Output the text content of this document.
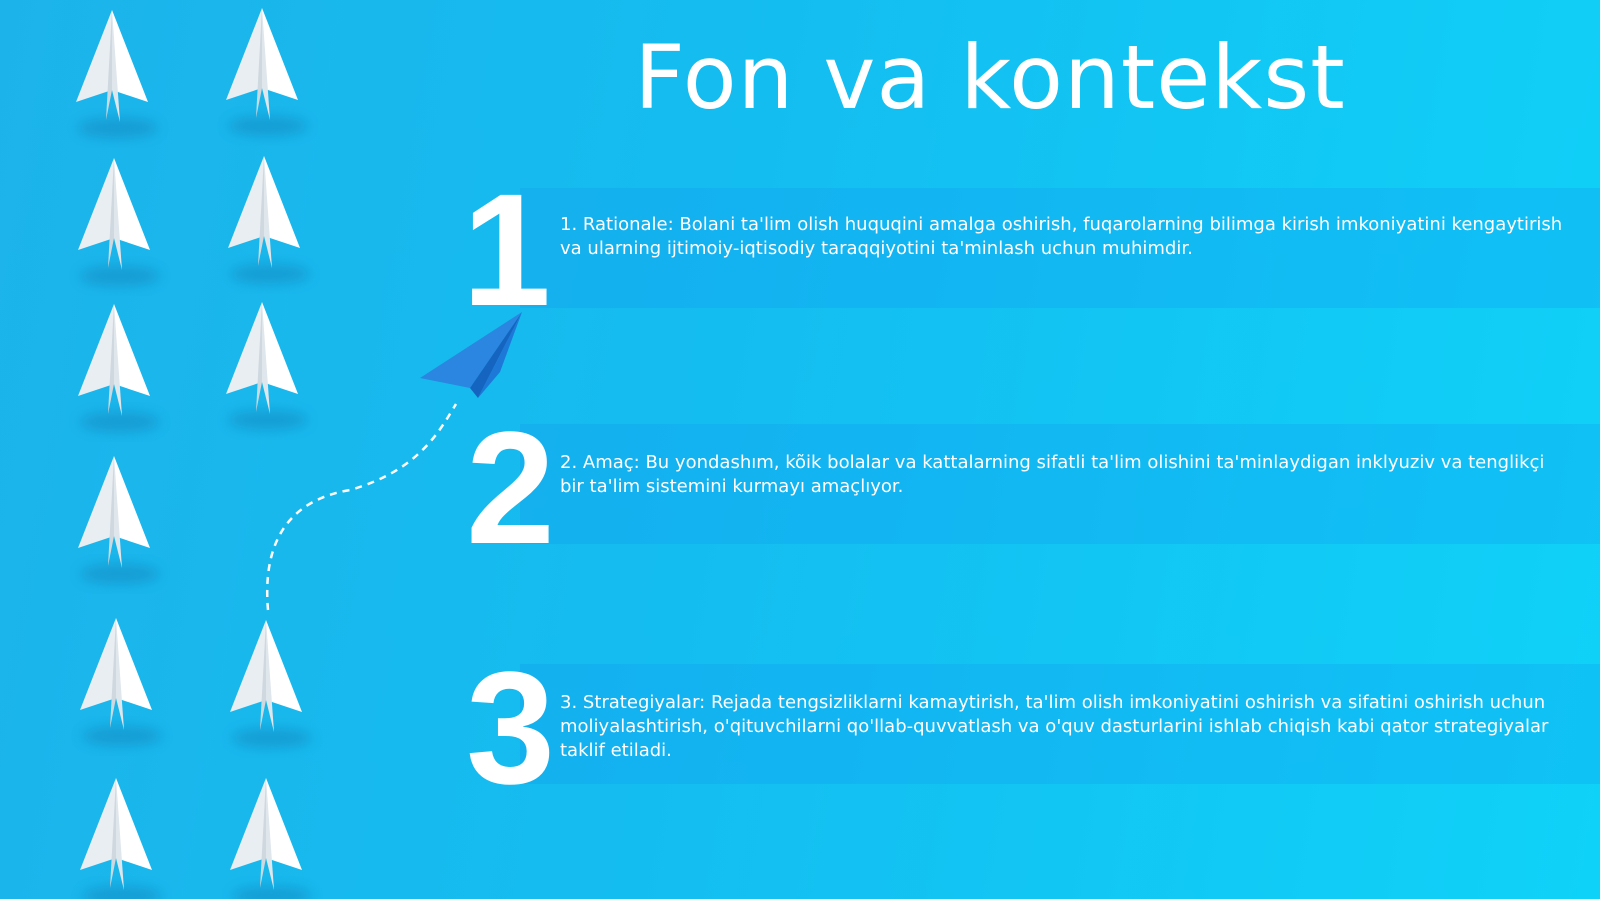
Fon va kontekst
1
2
3

1. Rationale: Bolani ta'lim olish huquqini amalga oshirish, fuqarolarning bilimga kirish imkoniyatini kengaytirish va ularning ijtimoiy-iqtisodiy taraqqiyotini ta'minlash uchun muhimdir.

2. Amaç: Bu yondashım, kõik bolalar va kattalarning sifatli ta'lim olishini ta'minlaydigan inklyuziv va tenglikçi bir ta'lim sistemini kurmayı amaçlıyor.

3. Strategiyalar: Rejada tengsizliklarni kamaytirish, ta'lim olish imkoniyatini oshirish va sifatini oshirish uchun moliyalashtirish, o'qituvchilarni qo'llab-quvvatlash va o'quv dasturlarini ishlab chiqish kabi qator strategiyalar taklif etiladi.
